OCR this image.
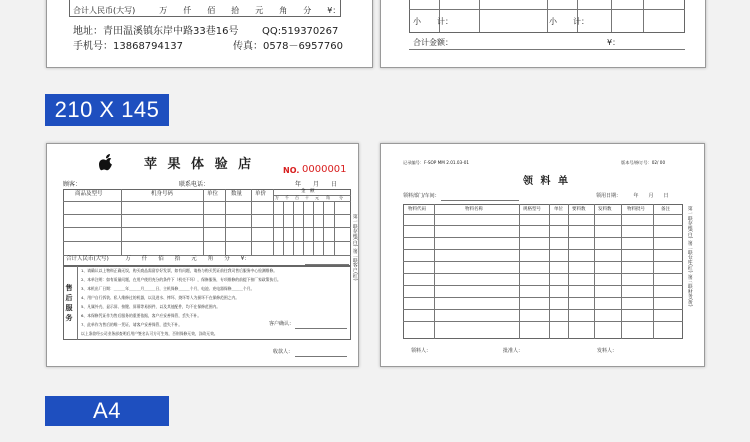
合计人民币(大写)　　　万　　仟　　佰　　拾　　元　　角　　分　　¥：
地址：青田温溪镇东岸中路33巷16号 QQ:519370267
手机号：13868794137	传真：0578－6957760
小　　计：	小　　计：
合计金额：	¥：
210 X 145
A4
苹 果 体 验 店	NO. 0000001
顾客：	联系电话：	年　　月　　日
商品及型号	机身号码	单位 数量 单价	金　额
万 千 百 十 元 角 分
合计人民币(大写)　　　万　　仟　　佰　　拾　　元　　角　　分　　¥：
售后服务
1、请确认以上物料正确无误，购买商品需留存好发票，如有问题，请持与购买凭证前往我司售后服务中心检测维修。
2、本单注明：如有质量问题，在用户使用充分的条件下（机壳不坏），保修服务，专项维修的前提下按厂家政策执行。
3、本机出厂日期：＿＿＿年＿＿＿月＿＿＿日，主机保修＿＿＿个月，电池、充电器保修＿＿＿个月。
4、用户自行拆装、私人维修过的机器，以及进水、摔坏、烧坏等人为损坏不在保修范围之内。
5、凡属外壳、显示屏、按键、屏幕等易损件，以及其他配件，均不在保修范围内。
6、本保修凭证作为售后服务的重要依据，客户应妥善保管，丢失不补。
7、此单作为售后的唯一凭证，请客户妥善保管，遗失不补。
以上条款经公司业务部查明后用户签名认可方可生效，否则保修无效，涂改无效。
客户确认：
收款人：
第一联存根(白) 第二联客户(红)
记录编号：F-SOP MM 2.01.03-01	版本号/修订号：02/ 00
领 料 单
领料部门/车间：	领用日期：　　　年　　月　　日
物料代码	物料名称	规格型号	单位 要料数	发料数	物料批号	备注	第一联存根(白) 第二联仓库(红) 第三联财务(黄)
领料人：	批准人：	发料人：
